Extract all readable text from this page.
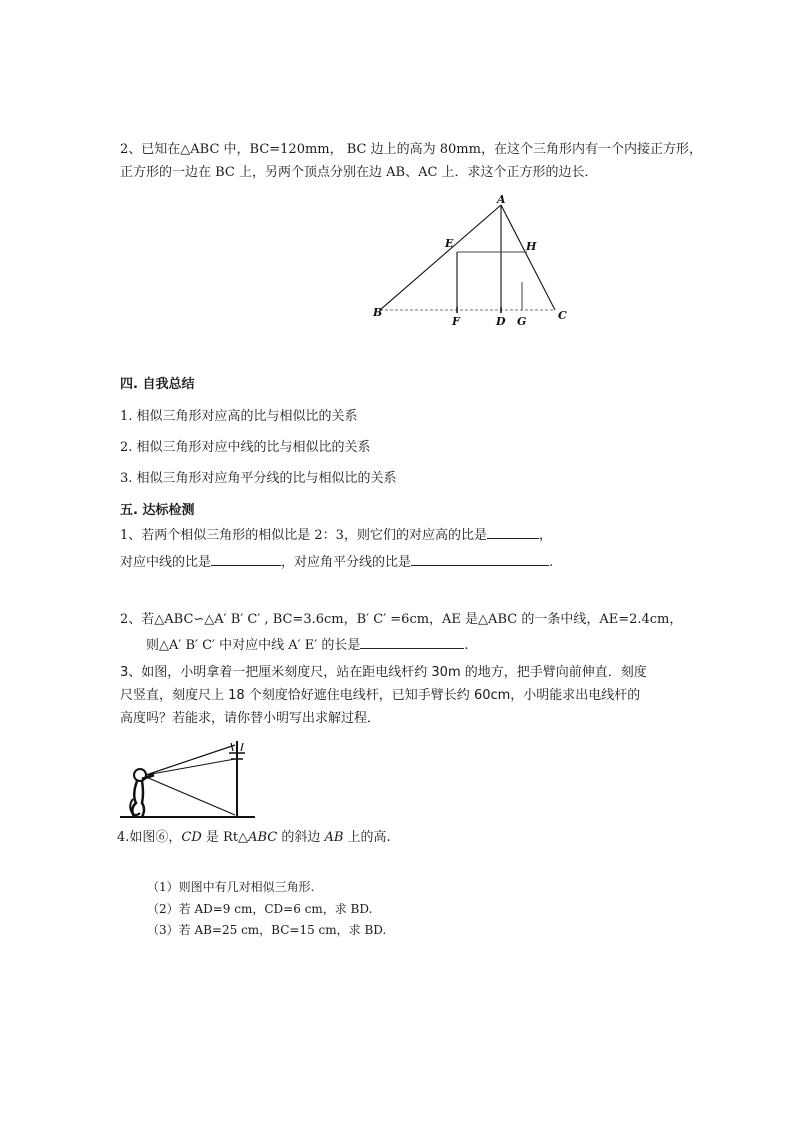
2、已知在△ABC 中，BC=120mm， BC 边上的高为 80mm，在这个三角形内有一个内接正方形，
正方形的一边在 BC 上，另两个顶点分别在边 AB、AC 上．求这个正方形的边长．
A
E	H
B
F	D G	C
四. 自我总结
1. 相似三角形对应高的比与相似比的关系
2. 相似三角形对应中线的比与相似比的关系
3. 相似三角形对应角平分线的比与相似比的关系
五. 达标检测
1、若两个相似三角形的相似比是 2：3，则它们的对应高的比是	，
对应中线的比是	，对应角平分线的比是	.
2、若△ABC∽△A′ B′ C′ , BC=3.6cm，B′ C′ =6cm，AE 是△ABC 的一条中线，AE=2.4cm，
则△A′ B′ C′ 中对应中线 A′ E′ 的长是	.
3、如图，小明拿着一把厘米刻度尺，站在距电线杆约 30m 的地方，把手臂向前伸直．刻度
尺竖直，刻度尺上 18 个刻度恰好遮住电线杆，已知手臂长约 60cm，小明能求出电线杆的
高度吗？若能求，请你替小明写出求解过程．
4.如图⑥，CD 是 Rt△ABC 的斜边 AB 上的高.
（1）则图中有几对相似三角形.
（2）若 AD=9 cm，CD=6 cm，求 BD.
（3）若 AB=25 cm，BC=15 cm，求 BD.
